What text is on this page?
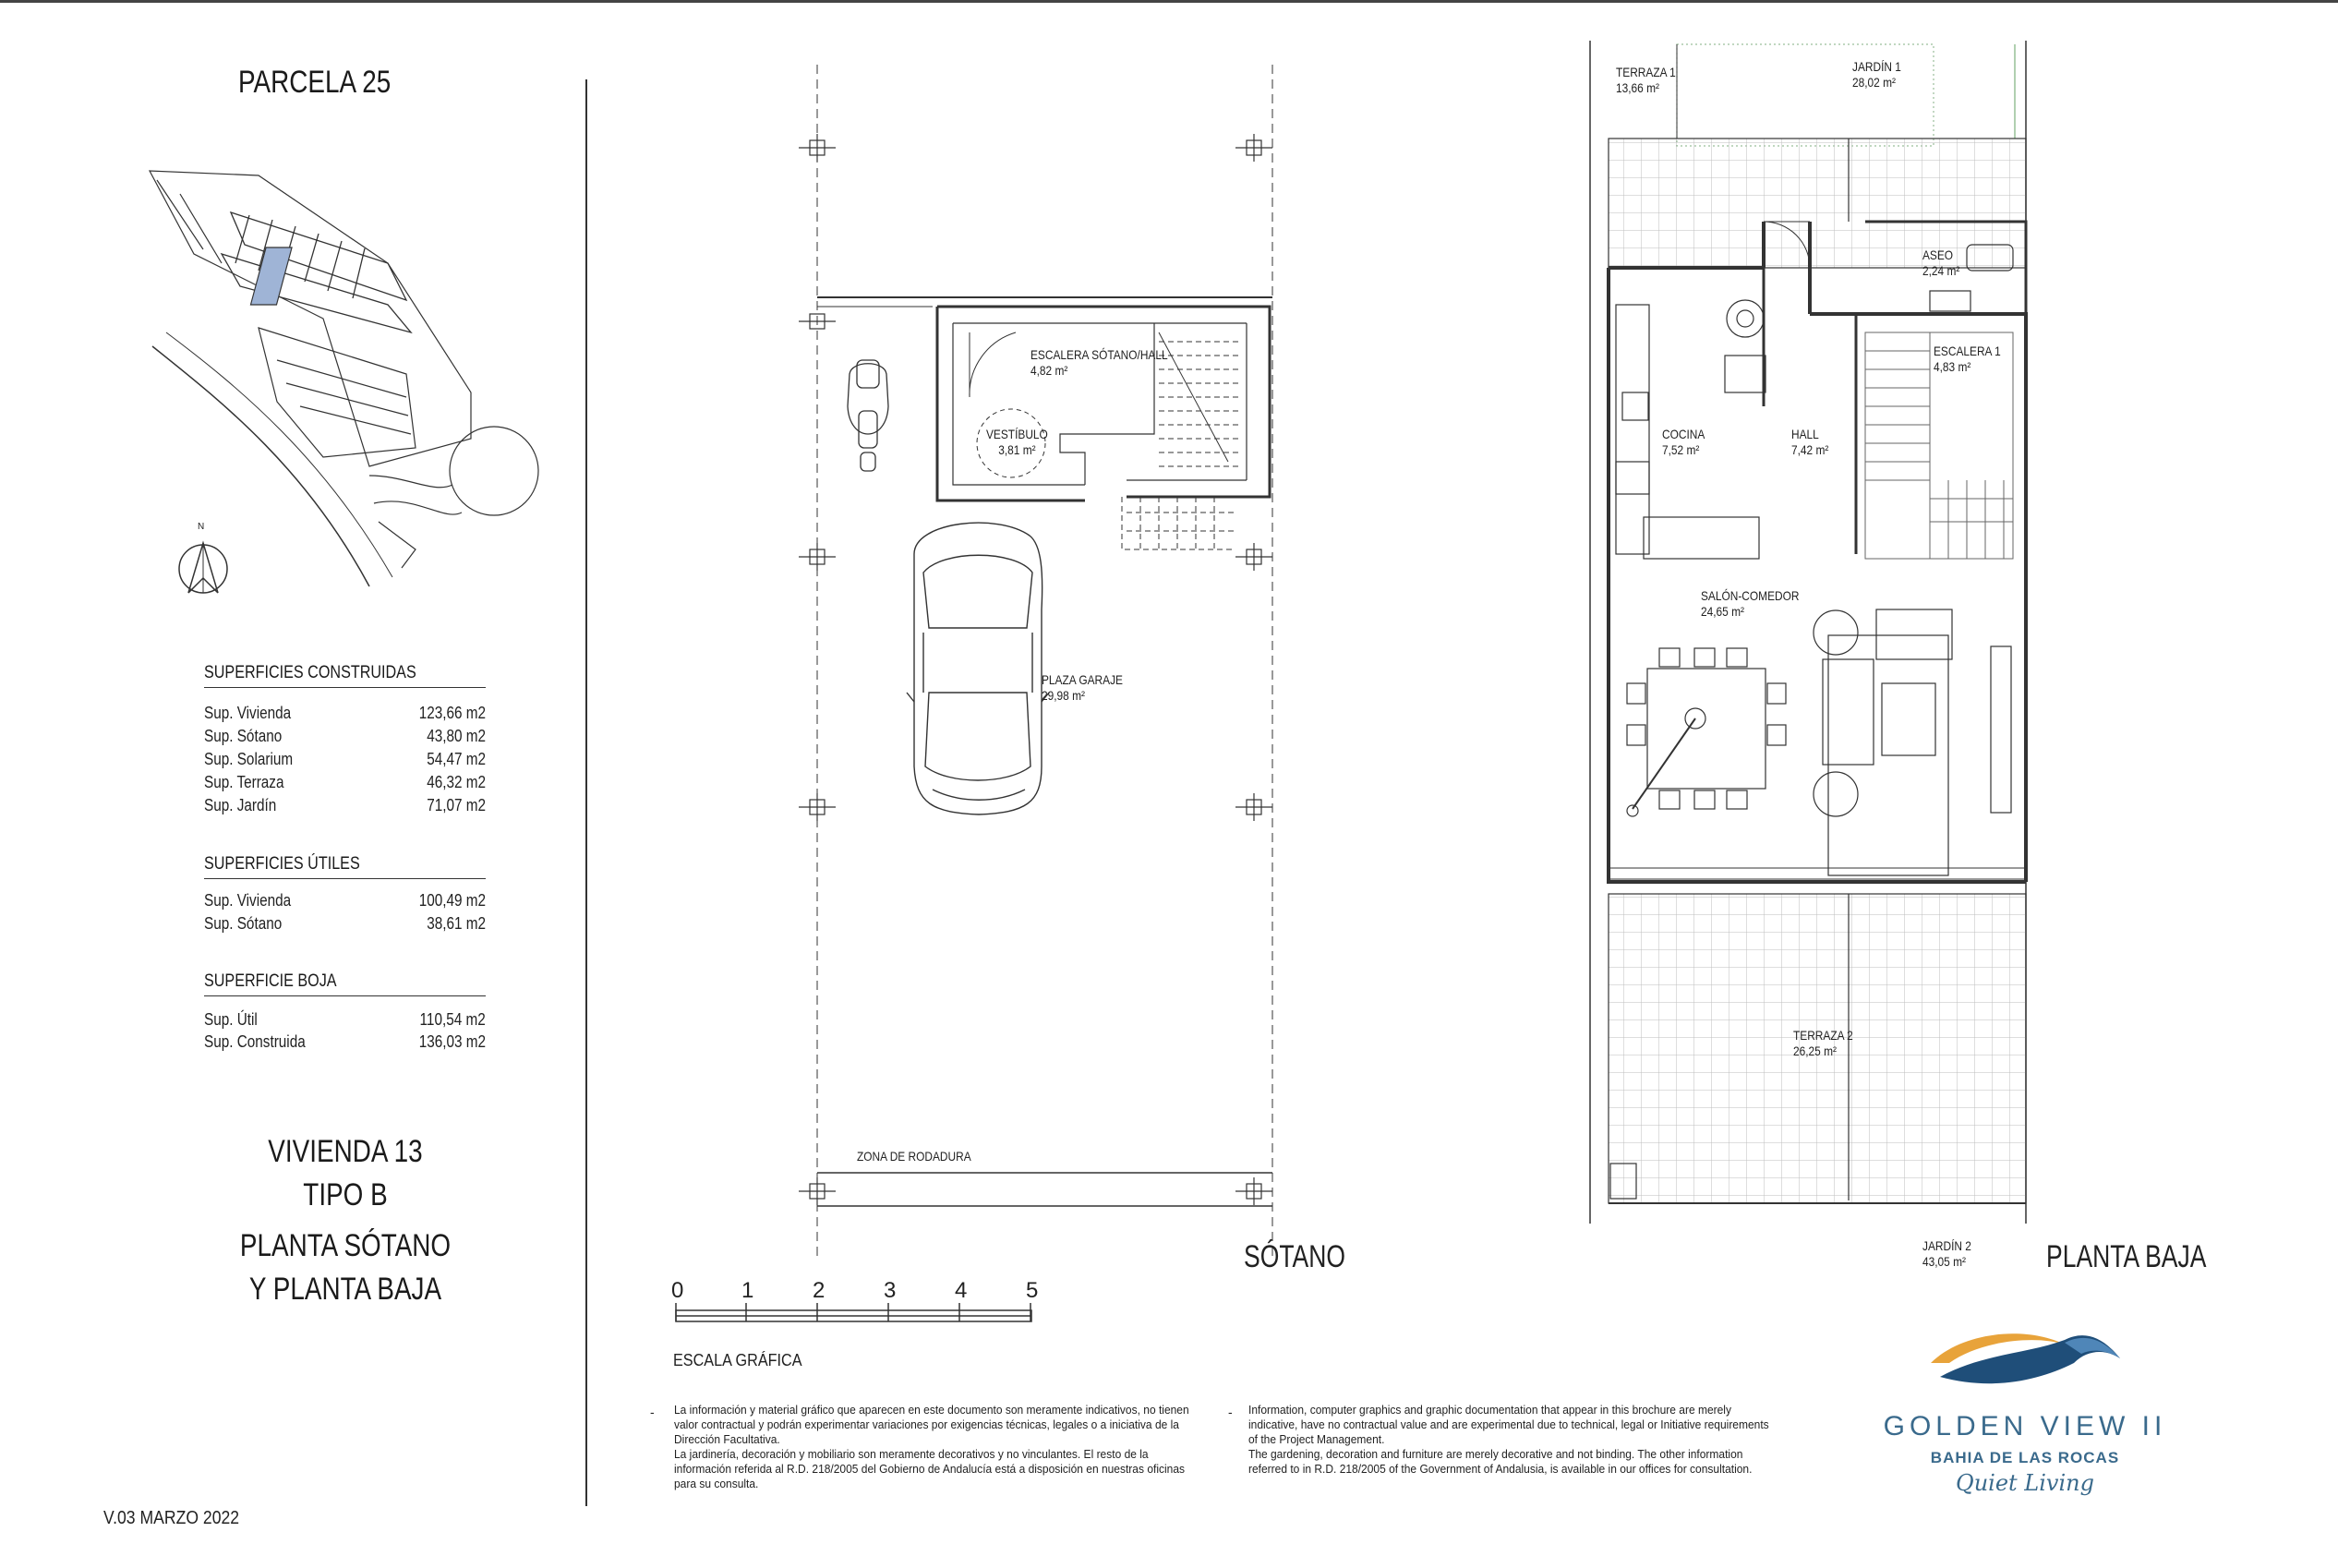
PARCELA 25
N
SUPERFICIES CONSTRUIDAS
Sup. Vivienda	123,66 m2
Sup. Sótano	43,80 m2
Sup. Solarium	54,47 m2
Sup. Terraza	46,32 m2
Sup. Jardín	71,07 m2
SUPERFICIES ÚTILES
Sup. Vivienda	100,49 m2
Sup. Sótano	38,61 m2
SUPERFICIE BOJA
Sup. Útil	110,54 m2
Sup. Construida	136,03 m2
VIVIENDA 13
TIPO B
PLANTA SÓTANO
Y PLANTA BAJA
V.03 MARZO 2022
ESCALERA SÓTANO/HALL
4,82 m²
VESTÍBULO
3,81 m²
PLAZA GARAJE
29,98 m²
ZONA DE RODADURA
SÓTANO
TERRAZA 1
13,66 m²
JARDÍN 1
28,02 m²
ASEO
2,24 m²
ESCALERA 1
4,83 m²
COCINA
7,52 m²
HALL
7,42 m²
SALÓN-COMEDOR
24,65 m²
TERRAZA 2
26,25 m²
JARDÍN 2
43,05 m²	PLANTA BAJA
0	1	2	3	4	5
ESCALA GRÁFICA
- La información y material gráfico que aparecen en este documento son meramente indicativos, no tienen valor contractual y podrán experimentar variaciones por exigencias técnicas, legales o a iniciativa de la Dirección Facultativa.
La jardinería, decoración y mobiliario son meramente decorativos y no vinculantes. El resto de la información referida al R.D. 218/2005 del Gobierno de Andalucía está a disposición en nuestras oficinas para su consulta.
- Information, computer graphics and graphic documentation that appear in this brochure are merely indicative, have no contractual value and are experimental due to technical, legal or Initiative requirements of the Project Management.
The gardening, decoration and furniture are merely decorative and not binding. The other information referred to in R.D. 218/2005 of the Government of Andalusia, is available in our offices for consultation.
GOLDEN VIEW II
BAHIA DE LAS ROCAS
Quiet Living
